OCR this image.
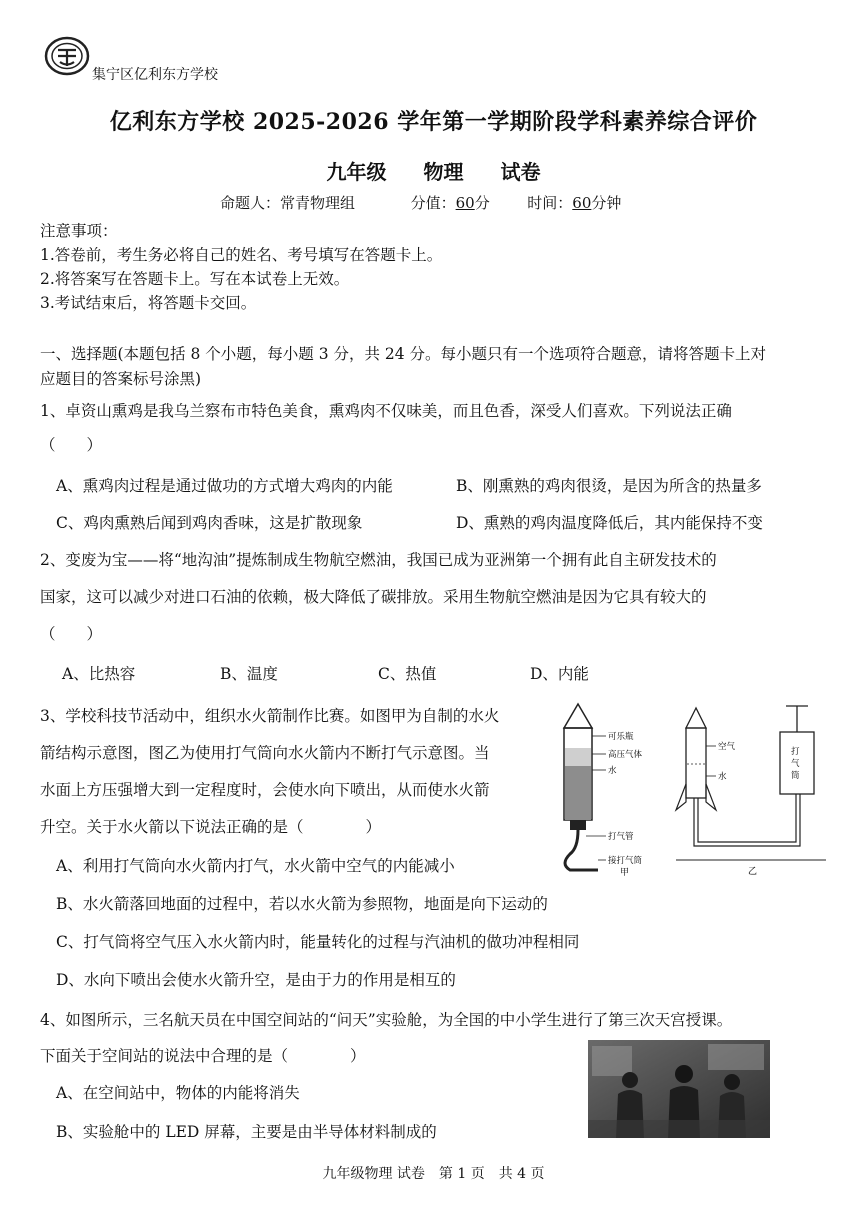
集宁区亿利东方学校
亿利东方学校 2025-2026 学年第一学期阶段学科素养综合评价
九年级 物理 试卷
命题人：常青物理组	分值：60分	时间：60分钟
注意事项：
1.答卷前，考生务必将自己的姓名、考号填写在答题卡上。
2.将答案写在答题卡上。写在本试卷上无效。
3.考试结束后，将答题卡交回。
一、选择题(本题包括 8 个小题，每小题 3 分，共 24 分。每小题只有一个选项符合题意，请将答题卡上对
应题目的答案标号涂黑)
1、卓资山熏鸡是我乌兰察布市特色美食，熏鸡肉不仅味美，而且色香，深受人们喜欢。下列说法正确
（　　）
A、熏鸡肉过程是通过做功的方式增大鸡肉的内能	B、刚熏熟的鸡肉很烫，是因为所含的热量多
C、鸡肉熏熟后闻到鸡肉香味，这是扩散现象	D、熏熟的鸡肉温度降低后，其内能保持不变
2、变废为宝——将“地沟油”提炼制成生物航空燃油，我国已成为亚洲第一个拥有此自主研发技术的
国家，这可以减少对进口石油的依赖，极大降低了碳排放。采用生物航空燃油是因为它具有较大的
（　　）
A、比热容	B、温度	C、热值	D、内能
3、学校科技节活动中，组织水火箭制作比赛。如图甲为自制的水火
箭结构示意图，图乙为使用打气筒向水火箭内不断打气示意图。当
水面上方压强增大到一定程度时，会使水向下喷出，从而使水火箭
升空。关于水火箭以下说法正确的是（　　　　）
A、利用打气筒向水火箭内打气，水火箭中空气的内能减小
B、水火箭落回地面的过程中，若以水火箭为参照物，地面是向下运动的
C、打气筒将空气压入水火箭内时，能量转化的过程与汽油机的做功冲程相同
D、水向下喷出会使水火箭升空，是由于力的作用是相互的
可乐瓶
高压气体
水
打气管
接打气筒
甲
空气
水
打
气
筒
乙
4、如图所示，三名航天员在中国空间站的“问天”实验舱，为全国的中小学生进行了第三次天宫授课。
下面关于空间站的说法中合理的是（　　　　）
A、在空间站中，物体的内能将消失
B、实验舱中的 LED 屏幕，主要是由半导体材料制成的
九年级物理 试卷　第 1 页　共 4 页
